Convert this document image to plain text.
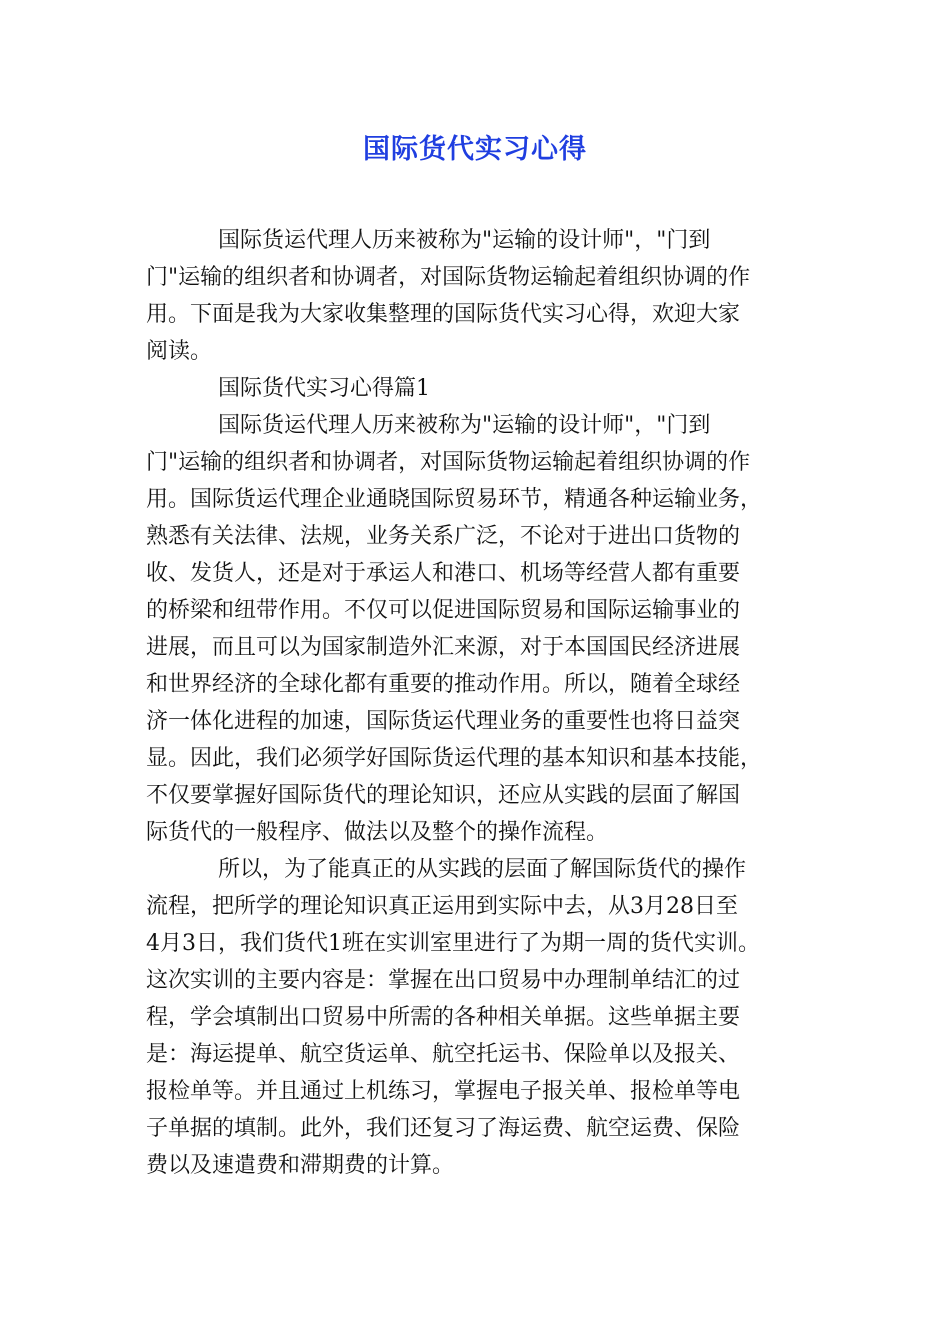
国际货代实习心得
国际货运代理人历来被称为"运输的设计师"，"门到
门"运输的组织者和协调者，对国际货物运输起着组织协调的作
用。下面是我为大家收集整理的国际货代实习心得，欢迎大家
阅读。
国际货代实习心得篇1
国际货运代理人历来被称为"运输的设计师"，"门到
门"运输的组织者和协调者，对国际货物运输起着组织协调的作
用。国际货运代理企业通晓国际贸易环节，精通各种运输业务，
熟悉有关法律、法规，业务关系广泛，不论对于进出口货物的
收、发货人，还是对于承运人和港口、机场等经营人都有重要
的桥梁和纽带作用。不仅可以促进国际贸易和国际运输事业的
进展，而且可以为国家制造外汇来源，对于本国国民经济进展
和世界经济的全球化都有重要的推动作用。所以，随着全球经
济一体化进程的加速，国际货运代理业务的重要性也将日益突
显。因此，我们必须学好国际货运代理的基本知识和基本技能，
不仅要掌握好国际货代的理论知识，还应从实践的层面了解国
际货代的一般程序、做法以及整个的操作流程。
所以，为了能真正的从实践的层面了解国际货代的操作
流程，把所学的理论知识真正运用到实际中去，从3月28日至
4月3日，我们货代1班在实训室里进行了为期一周的货代实训。
这次实训的主要内容是：掌握在出口贸易中办理制单结汇的过
程，学会填制出口贸易中所需的各种相关单据。这些单据主要
是：海运提单、航空货运单、航空托运书、保险单以及报关、
报检单等。并且通过上机练习，掌握电子报关单、报检单等电
子单据的填制。此外，我们还复习了海运费、航空运费、保险
费以及速遣费和滞期费的计算。
